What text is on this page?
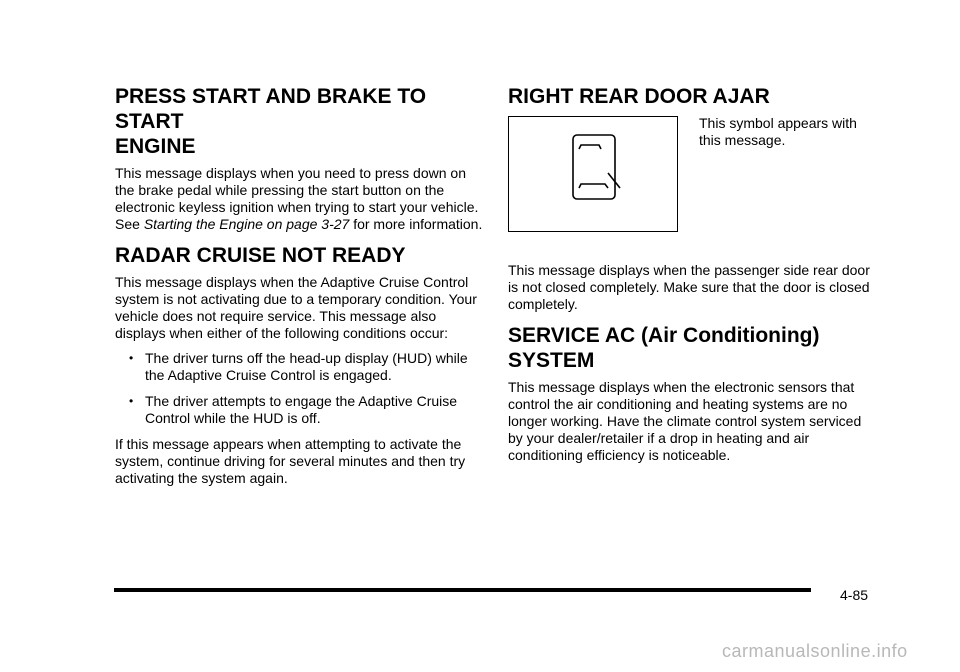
PRESS START AND BRAKE TO START
ENGINE

This message displays when you need to press down on the brake pedal while pressing the start button on the electronic keyless ignition when trying to start your vehicle. See Starting the Engine on page 3‑27 for more information.

RADAR CRUISE NOT READY

This message displays when the Adaptive Cruise Control system is not activating due to a temporary condition. Your vehicle does not require service. This message also displays when either of the following conditions occur:

• The driver turns off the head-up display (HUD) while the Adaptive Cruise Control is engaged.
• The driver attempts to engage the Adaptive Cruise Control while the HUD is off.

If this message appears when attempting to activate the system, continue driving for several minutes and then try activating the system again.

RIGHT REAR DOOR AJAR
This symbol appears with this message.

This message displays when the passenger side rear door is not closed completely. Make sure that the door is closed completely.

SERVICE AC (Air Conditioning)
SYSTEM

This message displays when the electronic sensors that control the air conditioning and heating systems are no longer working. Have the climate control system serviced by your dealer/retailer if a drop in heating and air conditioning efficiency is noticeable.

4-85
carmanualsonline.info
